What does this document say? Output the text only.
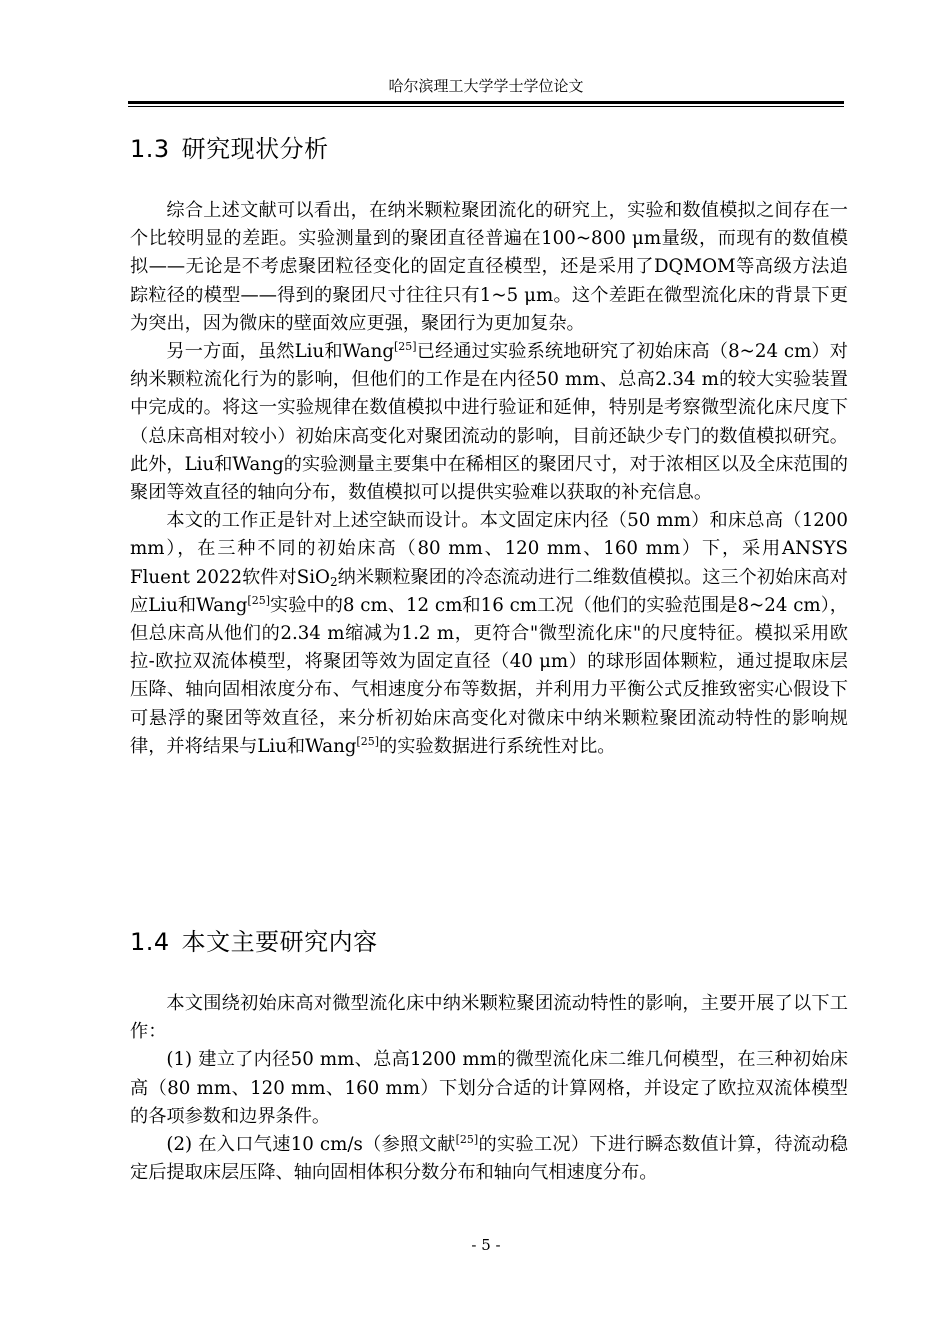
哈尔滨理工大学学士学位论文
1.3 研究现状分析

综合上述文献可以看出，在纳米颗粒聚团流化的研究上，实验和数值模拟之间存在一个比较明显的差距。实验测量到的聚团直径普遍在100~800 μm量级，而现有的数值模拟——无论是不考虑聚团粒径变化的固定直径模型，还是采用了DQMOM等高级方法追踪粒径的模型——得到的聚团尺寸往往只有1~5 μm。这个差距在微型流化床的背景下更为突出，因为微床的壁面效应更强，聚团行为更加复杂。

另一方面，虽然Liu和Wang[25]已经通过实验系统地研究了初始床高（8~24 cm）对纳米颗粒流化行为的影响，但他们的工作是在内径50 mm、总高2.34 m的较大实验装置中完成的。将这一实验规律在数值模拟中进行验证和延伸，特别是考察微型流化床尺度下（总床高相对较小）初始床高变化对聚团流动的影响，目前还缺少专门的数值模拟研究。此外，Liu和Wang的实验测量主要集中在稀相区的聚团尺寸，对于浓相区以及全床范围的聚团等效直径的轴向分布，数值模拟可以提供实验难以获取的补充信息。

本文的工作正是针对上述空缺而设计。本文固定床内径（50 mm）和床总高（1200 mm），在三种不同的初始床高（80 mm、120 mm、160 mm）下，采用ANSYS Fluent 2022软件对SiO$_2$纳米颗粒聚团的冷态流动进行二维数值模拟。这三个初始床高对应Liu和Wang[25]实验中的8 cm、12 cm和16 cm工况（他们的实验范围是8~24 cm），但总床高从他们的2.34 m缩减为1.2 m，更符合"微型流化床"的尺度特征。模拟采用欧拉-欧拉双流体模型，将聚团等效为固定直径（40 μm）的球形固体颗粒，通过提取床层压降、轴向固相浓度分布、气相速度分布等数据，并利用力平衡公式反推致密实心假设下可悬浮的聚团等效直径，来分析初始床高变化对微床中纳米颗粒聚团流动特性的影响规律，并将结果与Liu和Wang[25]的实验数据进行系统性对比。

1.4 本文主要研究内容

本文围绕初始床高对微型流化床中纳米颗粒聚团流动特性的影响，主要开展了以下工作：

(1) 建立了内径50 mm、总高1200 mm的微型流化床二维几何模型，在三种初始床高（80 mm、120 mm、160 mm）下划分合适的计算网格，并设定了欧拉双流体模型的各项参数和边界条件。

(2) 在入口气速10 cm/s（参照文献[25]的实验工况）下进行瞬态数值计算，待流动稳定后提取床层压降、轴向固相体积分数分布和轴向气相速度分布。

- 5 -
